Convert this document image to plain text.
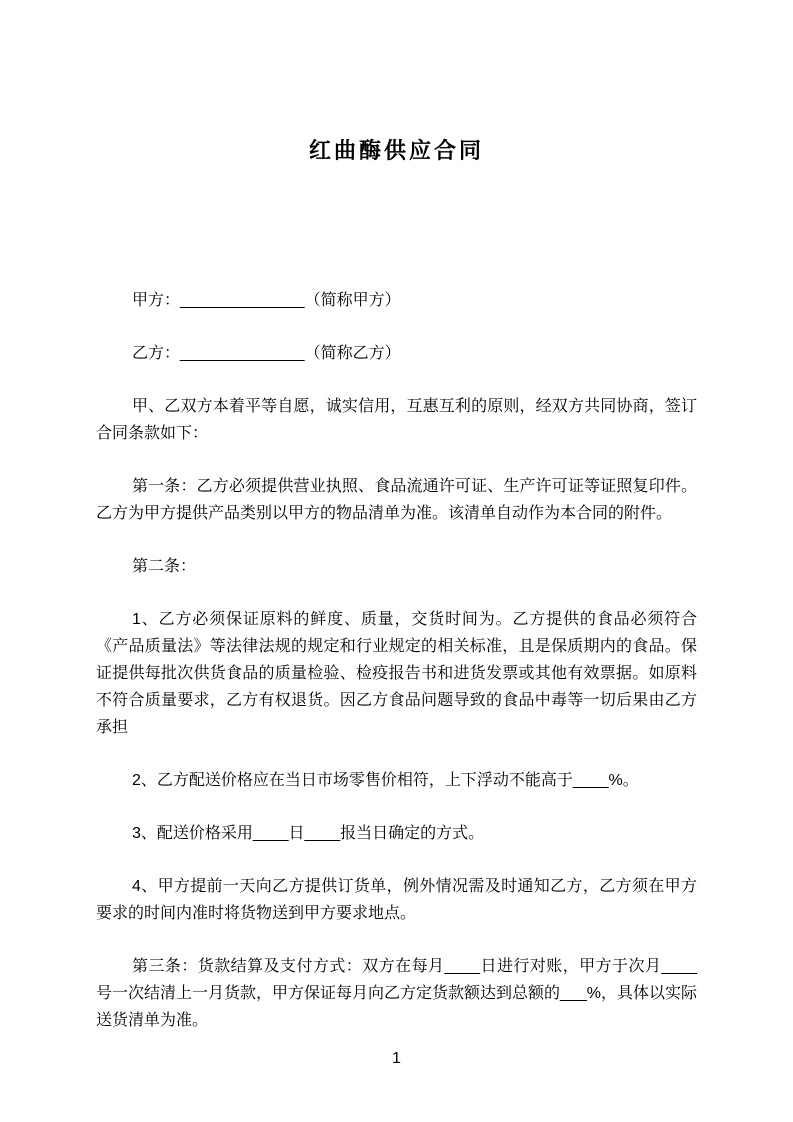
红曲酶供应合同

甲方：______________（简称甲方）

乙方：______________（简称乙方）

甲、乙双方本着平等自愿，诚实信用，互惠互利的原则，经双方共同协商，签订合同条款如下：

第一条：乙方必须提供营业执照、食品流通许可证、生产许可证等证照复印件。乙方为甲方提供产品类别以甲方的物品清单为准。该清单自动作为本合同的附件。

第二条：

1、乙方必须保证原料的鲜度、质量，交货时间为。乙方提供的食品必须符合《产品质量法》等法律法规的规定和行业规定的相关标准，且是保质期内的食品。保证提供每批次供货食品的质量检验、检疫报告书和进货发票或其他有效票据。如原料不符合质量要求，乙方有权退货。因乙方食品问题导致的食品中毒等一切后果由乙方承担

2、乙方配送价格应在当日市场零售价相符，上下浮动不能高于____%。

3、配送价格采用____日____报当日确定的方式。

4、甲方提前一天向乙方提供订货单，例外情况需及时通知乙方，乙方须在甲方要求的时间内准时将货物送到甲方要求地点。

第三条：货款结算及支付方式：双方在每月____日进行对账，甲方于次月____号一次结清上一月货款，甲方保证每月向乙方定货款额达到总额的___%，具体以实际送货清单为准。

1
